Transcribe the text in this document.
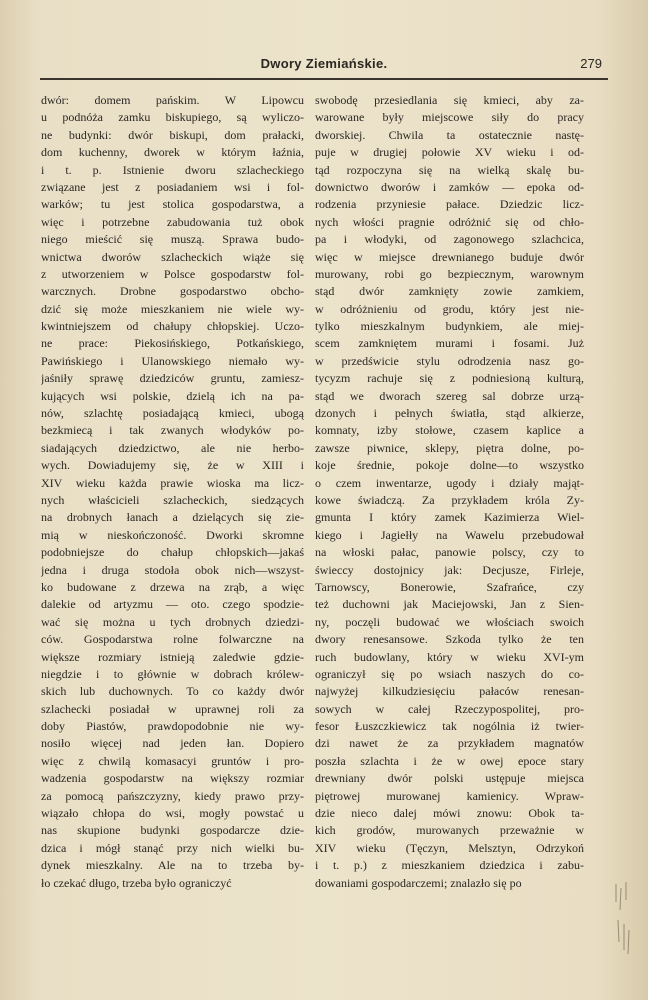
Dwory Ziemiańskie.	279
dwór: domem pańskim. W Lipowcu
u podnóża zamku biskupiego, są wyliczo-
ne budynki: dwór biskupi, dom prałacki,
dom kuchenny, dworek w którym łaźnia,
i t. p. Istnienie dworu szlacheckiego
związane jest z posiadaniem wsi i fol-
warków; tu jest stolica gospodarstwa, a
więc i potrzebne zabudowania tuż obok
niego mieścić się muszą. Sprawa budo-
wnictwa dworów szlacheckich wiąże się
z utworzeniem w Polsce gospodarstw fol-
warcznych. Drobne gospodarstwo obcho-
dzić się może mieszkaniem nie wiele wy-
kwintniejszem od chałupy chłopskiej. Uczo-
ne prace: Piekosińskiego, Potkańskiego,
Pawińskiego i Ulanowskiego niemało wy-
jaśniły sprawę dziedziców gruntu, zamiesz-
kujących wsi polskie, dzielą ich na pa-
nów, szlachtę posiadającą kmieci, ubogą
bezkmiecą i tak zwanych włodyków po-
siadających dziedzictwo, ale nie herbo-
wych. Dowiadujemy się, że w XIII i
XIV wieku każda prawie wioska ma licz-
nych właścicieli szlacheckich, siedzących
na drobnych łanach a dzielących się zie-
mią w nieskończoność. Dworki skromne
podobniejsze do chałup chłopskich—jakaś
jedna i druga stodoła obok nich—wszyst-
ko budowane z drzewa na zrąb, a więc
dalekie od artyzmu — oto. czego spodzie-
wać się można u tych drobnych dziedzi-
ców. Gospodarstwa rolne folwarczne na
większe rozmiary istnieją zaledwie gdzie-
niegdzie i to głównie w dobrach królew-
skich lub duchownych. To co każdy dwór
szlachecki posiadał w uprawnej roli za
doby Piastów, prawdopodobnie nie wy-
nosiło więcej nad jeden łan. Dopiero
więc z chwilą komasacyi gruntów i pro-
wadzenia gospodarstw na większy rozmiar
za pomocą pańszczyzny, kiedy prawo przy-
wiązało chłopa do wsi, mogły powstać u
nas skupione budynki gospodarcze dzie-
dzica i mógł stanąć przy nich wielki bu-
dynek mieszkalny. Ale na to trzeba by-
ło czekać długo, trzeba było ograniczyć
swobodę przesiedlania się kmieci, aby za-
warowane były miejscowe siły do pracy
dworskiej. Chwila ta ostatecznie nastę-
puje w drugiej połowie XV wieku i od-
tąd rozpoczyna się na wielką skalę bu-
downictwo dworów i zamków — epoka od-
rodzenia przyniesie pałace. Dziedzic licz-
nych włości pragnie odróżnić się od chło-
pa i włodyki, od zagonowego szlachcica,
więc w miejsce drewnianego buduje dwór
murowany, robi go bezpiecznym, warownym
stąd dwór zamknięty zowie zamkiem,
w odróżnieniu od grodu, który jest nie-
tylko mieszkalnym budynkiem, ale miej-
scem zamkniętem murami i fosami. Już
w przedświcie stylu odrodzenia nasz go-
tycyzm rachuje się z podniesioną kulturą,
stąd we dworach szereg sal dobrze urzą-
dzonych i pełnych światła, stąd alkierze,
komnaty, izby stołowe, czasem kaplice a
zawsze piwnice, sklepy, piętra dolne, po-
koje średnie, pokoje dolne—to wszystko
o czem inwentarze, ugody i działy mająt-
kowe świadczą. Za przykładem króla Zy-
gmunta I który zamek Kazimierza Wiel-
kiego i Jagiełły na Wawelu przebudował
na włoski pałac, panowie polscy, czy to
świeccy dostojnicy jak: Decjusze, Firleje,
Tarnowscy, Bonerowie, Szafrańce, czy
też duchowni jak Maciejowski, Jan z Sien-
ny, poczęli budować we włościach swoich
dwory renesansowe. Szkoda tylko że ten
ruch budowlany, który w wieku XVI-ym
ograniczył się po wsiach naszych do co-
najwyżej kilkudziesięciu pałaców renesan-
sowych w całej Rzeczypospolitej, pro-
fesor Łuszczkiewicz tak nogólnia iż twier-
dzi nawet że za przykładem magnatów
poszła szlachta i że w owej epoce stary
drewniany dwór polski ustępuje miejsca
piętrowej murowanej kamienicy. Wpraw-
dzie nieco dalej mówi znowu: Obok ta-
kich grodów, murowanych przeważnie w
XIV wieku (Tęczyn, Melsztyn, Odrzykoń
i t. p.) z mieszkaniem dziedzica i zabu-
dowaniami gospodarczemi; znalazło się po
